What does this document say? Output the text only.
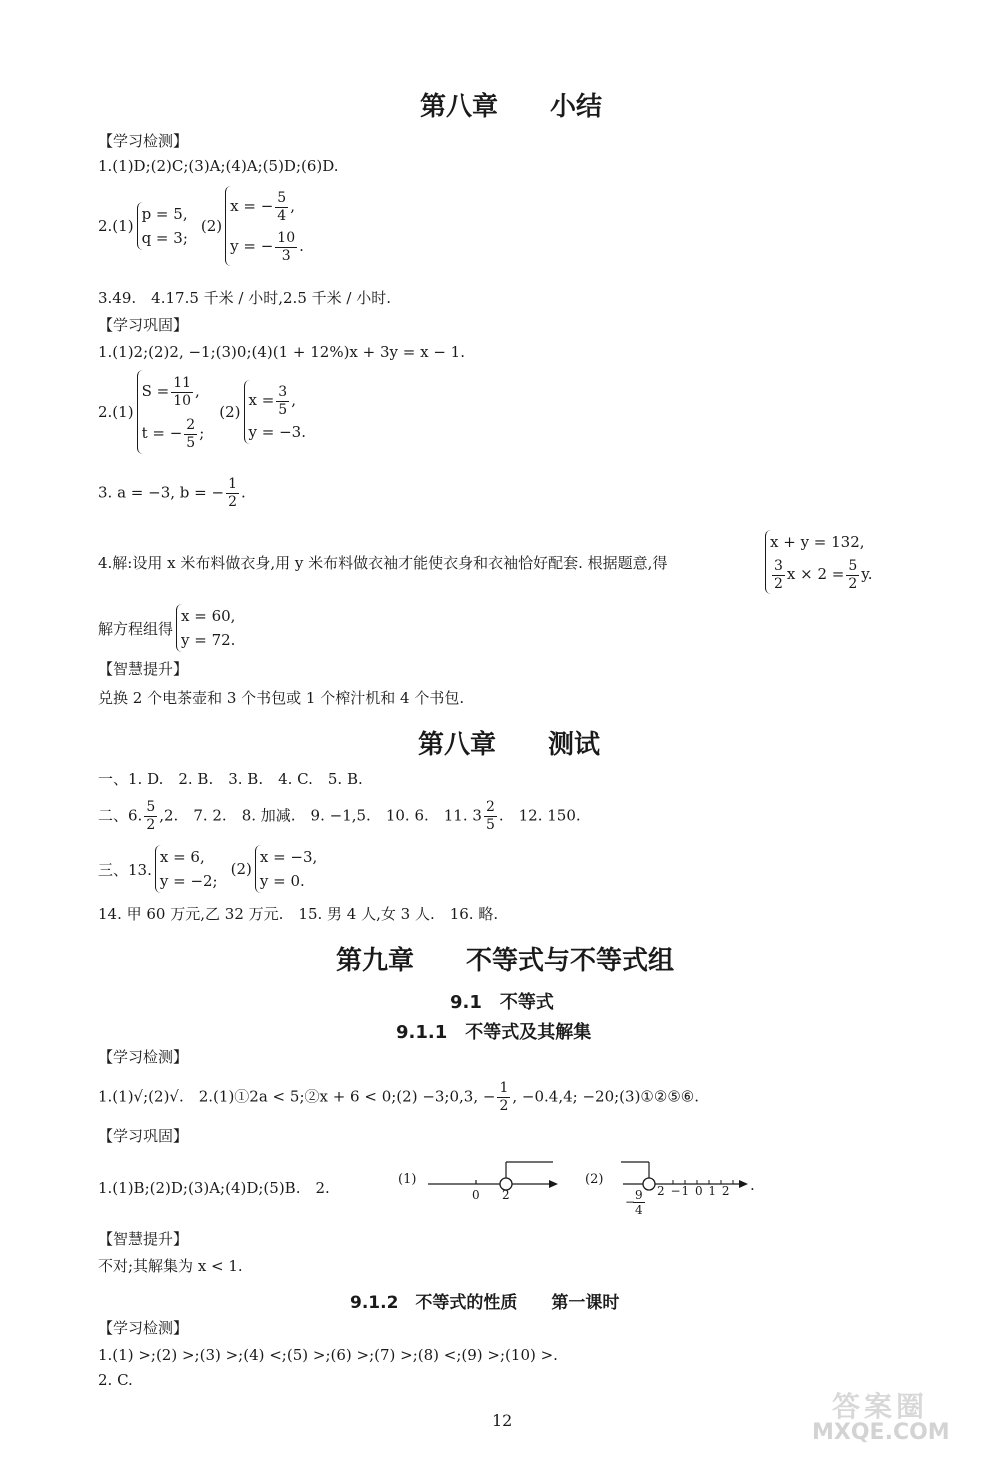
第八章　　小结
【学习检测】
1.(1)D;(2)C;(3)A;(4)A;(5)D;(6)D.
2.(1)
p = 5,
q = 3;
(2)
x = − $\frac{5}{4}$ ,
y = − $\frac{10}{3}$ .
3.49.　4.17.5 千米 / 小时,2.5 千米 / 小时.
【学习巩固】
1.(1)2;(2)2, −1;(3)0;(4)(1 + 12%)x + 3y = x − 1.
2.(1)
$S = \frac{11}{10}$ ,
t = − $\frac{2}{5}$ ;
(2)
$x = \frac{3}{5}$ ,
y = −3.
3. a = −3, b = − $\frac{1}{2}$ .
4.解:设用 x 米布料做衣身,用 y 米布料做衣袖才能使衣身和衣袖恰好配套. 根据题意,得
x + y = 132,
$\frac{3}{2}$ $x \times 2 = \frac{5}{2} y$.
解方程组得
x = 60,
y = 72.
【智慧提升】
兑换 2 个电茶壶和 3 个书包或 1 个榨汁机和 4 个书包.
第八章　　测试
一、1. D.　2. B.　3. B.　4. C.　5. B.
二、6. $\frac{5}{2} ,2$.　7. 2.　8. 加减.　9. −1,5.　10. 6.　11. $3 \frac{2}{5}$ .　12. 150.
三、13.
x = 6,
y = −2;
(2)
x = −3,
y = 0.
14. 甲 60 万元,乙 32 万元.　15. 男 4 人,女 3 人.　16. 略.
第九章　　不等式与不等式组
9.1　不等式
9.1.1　不等式及其解集
【学习检测】
1.(1)√;(2)√.　2.(1)①2a < 5;②x + 6 < 0;(2) −3;0,3, − $\frac{1}{2}$ , −0.4,4; −20;(3)①②⑤⑥.
【学习巩固】
1.(1)B;(2)D;(3)A;(4)D;(5)B.　2.	(1)
0 2
(2)
2 −1 0 1 2
$\frac{9}{4}$
−
.
【智慧提升】
不对;其解集为 x < 1.
9.1.2　不等式的性质　　第一课时
【学习检测】
1.(1) >;(2) >;(3) >;(4) <;(5) >;(6) >;(7) >;(8) <;(9) >;(10) >.
2. C.
12	答案圈
MXQE.COM
